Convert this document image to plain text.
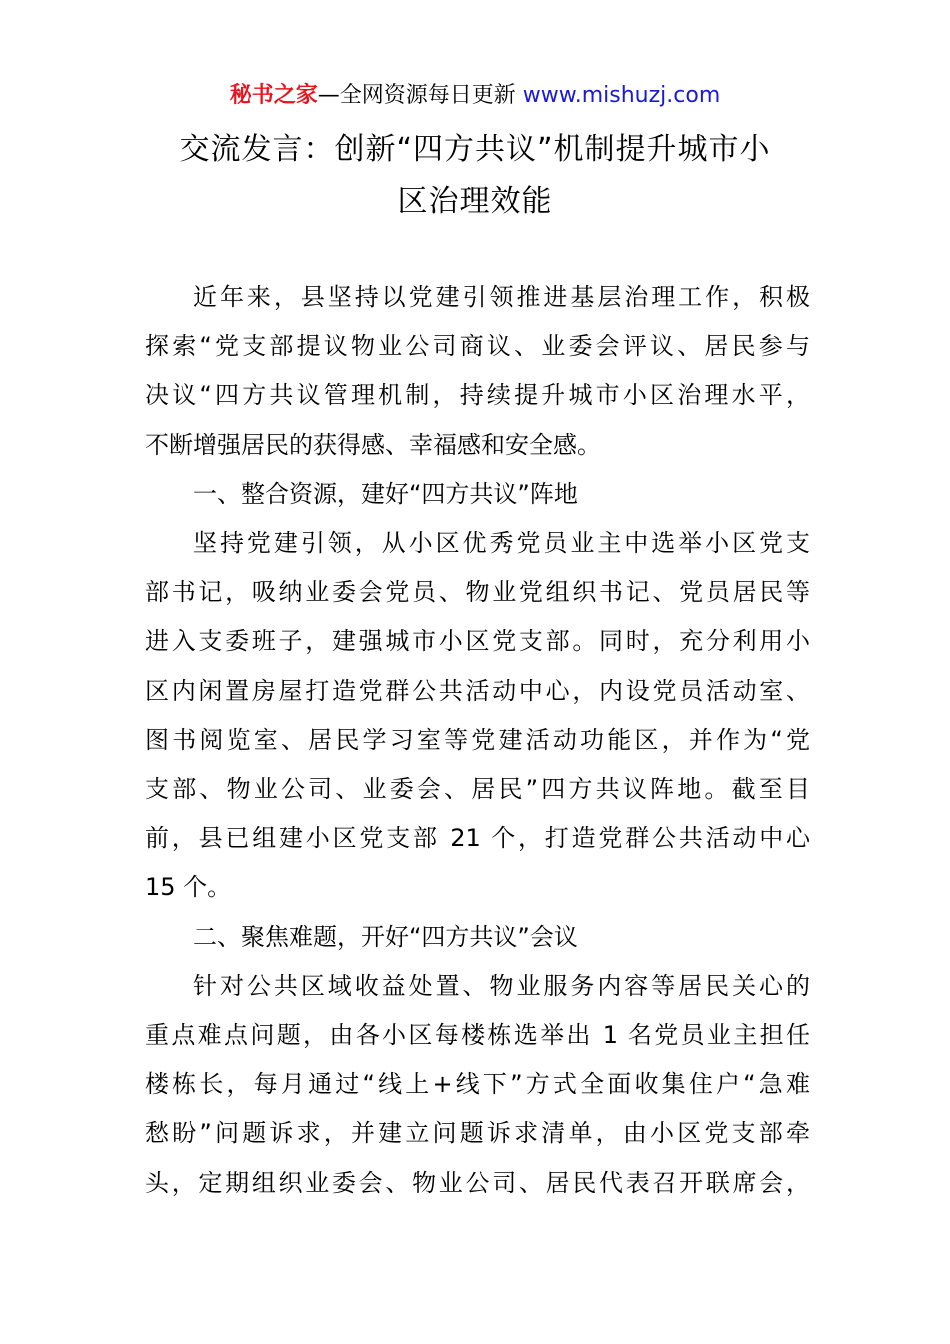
秘书之家—全网资源每日更新 www.mishuzj.com
交流发言：创新“四方共议”机制提升城市小
区治理效能

近年来，县坚持以党建引领推进基层治理工作，积极
探索“党支部提议物业公司商议、业委会评议、居民参与
决议“四方共议管理机制，持续提升城市小区治理水平，
不断增强居民的获得感、幸福感和安全感。

一、整合资源，建好“四方共议”阵地

坚持党建引领，从小区优秀党员业主中选举小区党支
部书记，吸纳业委会党员、物业党组织书记、党员居民等
进入支委班子，建强城市小区党支部。同时，充分利用小
区内闲置房屋打造党群公共活动中心，内设党员活动室、
图书阅览室、居民学习室等党建活动功能区，并作为“党
支部、物业公司、业委会、居民”四方共议阵地。截至目
前，县已组建小区党支部 21 个，打造党群公共活动中心
15 个。

二、聚焦难题，开好“四方共议”会议

针对公共区域收益处置、物业服务内容等居民关心的
重点难点问题，由各小区每楼栋选举出 1 名党员业主担任
楼栋长，每月通过“线上+线下”方式全面收集住户“急难
愁盼”问题诉求，并建立问题诉求清单，由小区党支部牵
头，定期组织业委会、物业公司、居民代表召开联席会，
